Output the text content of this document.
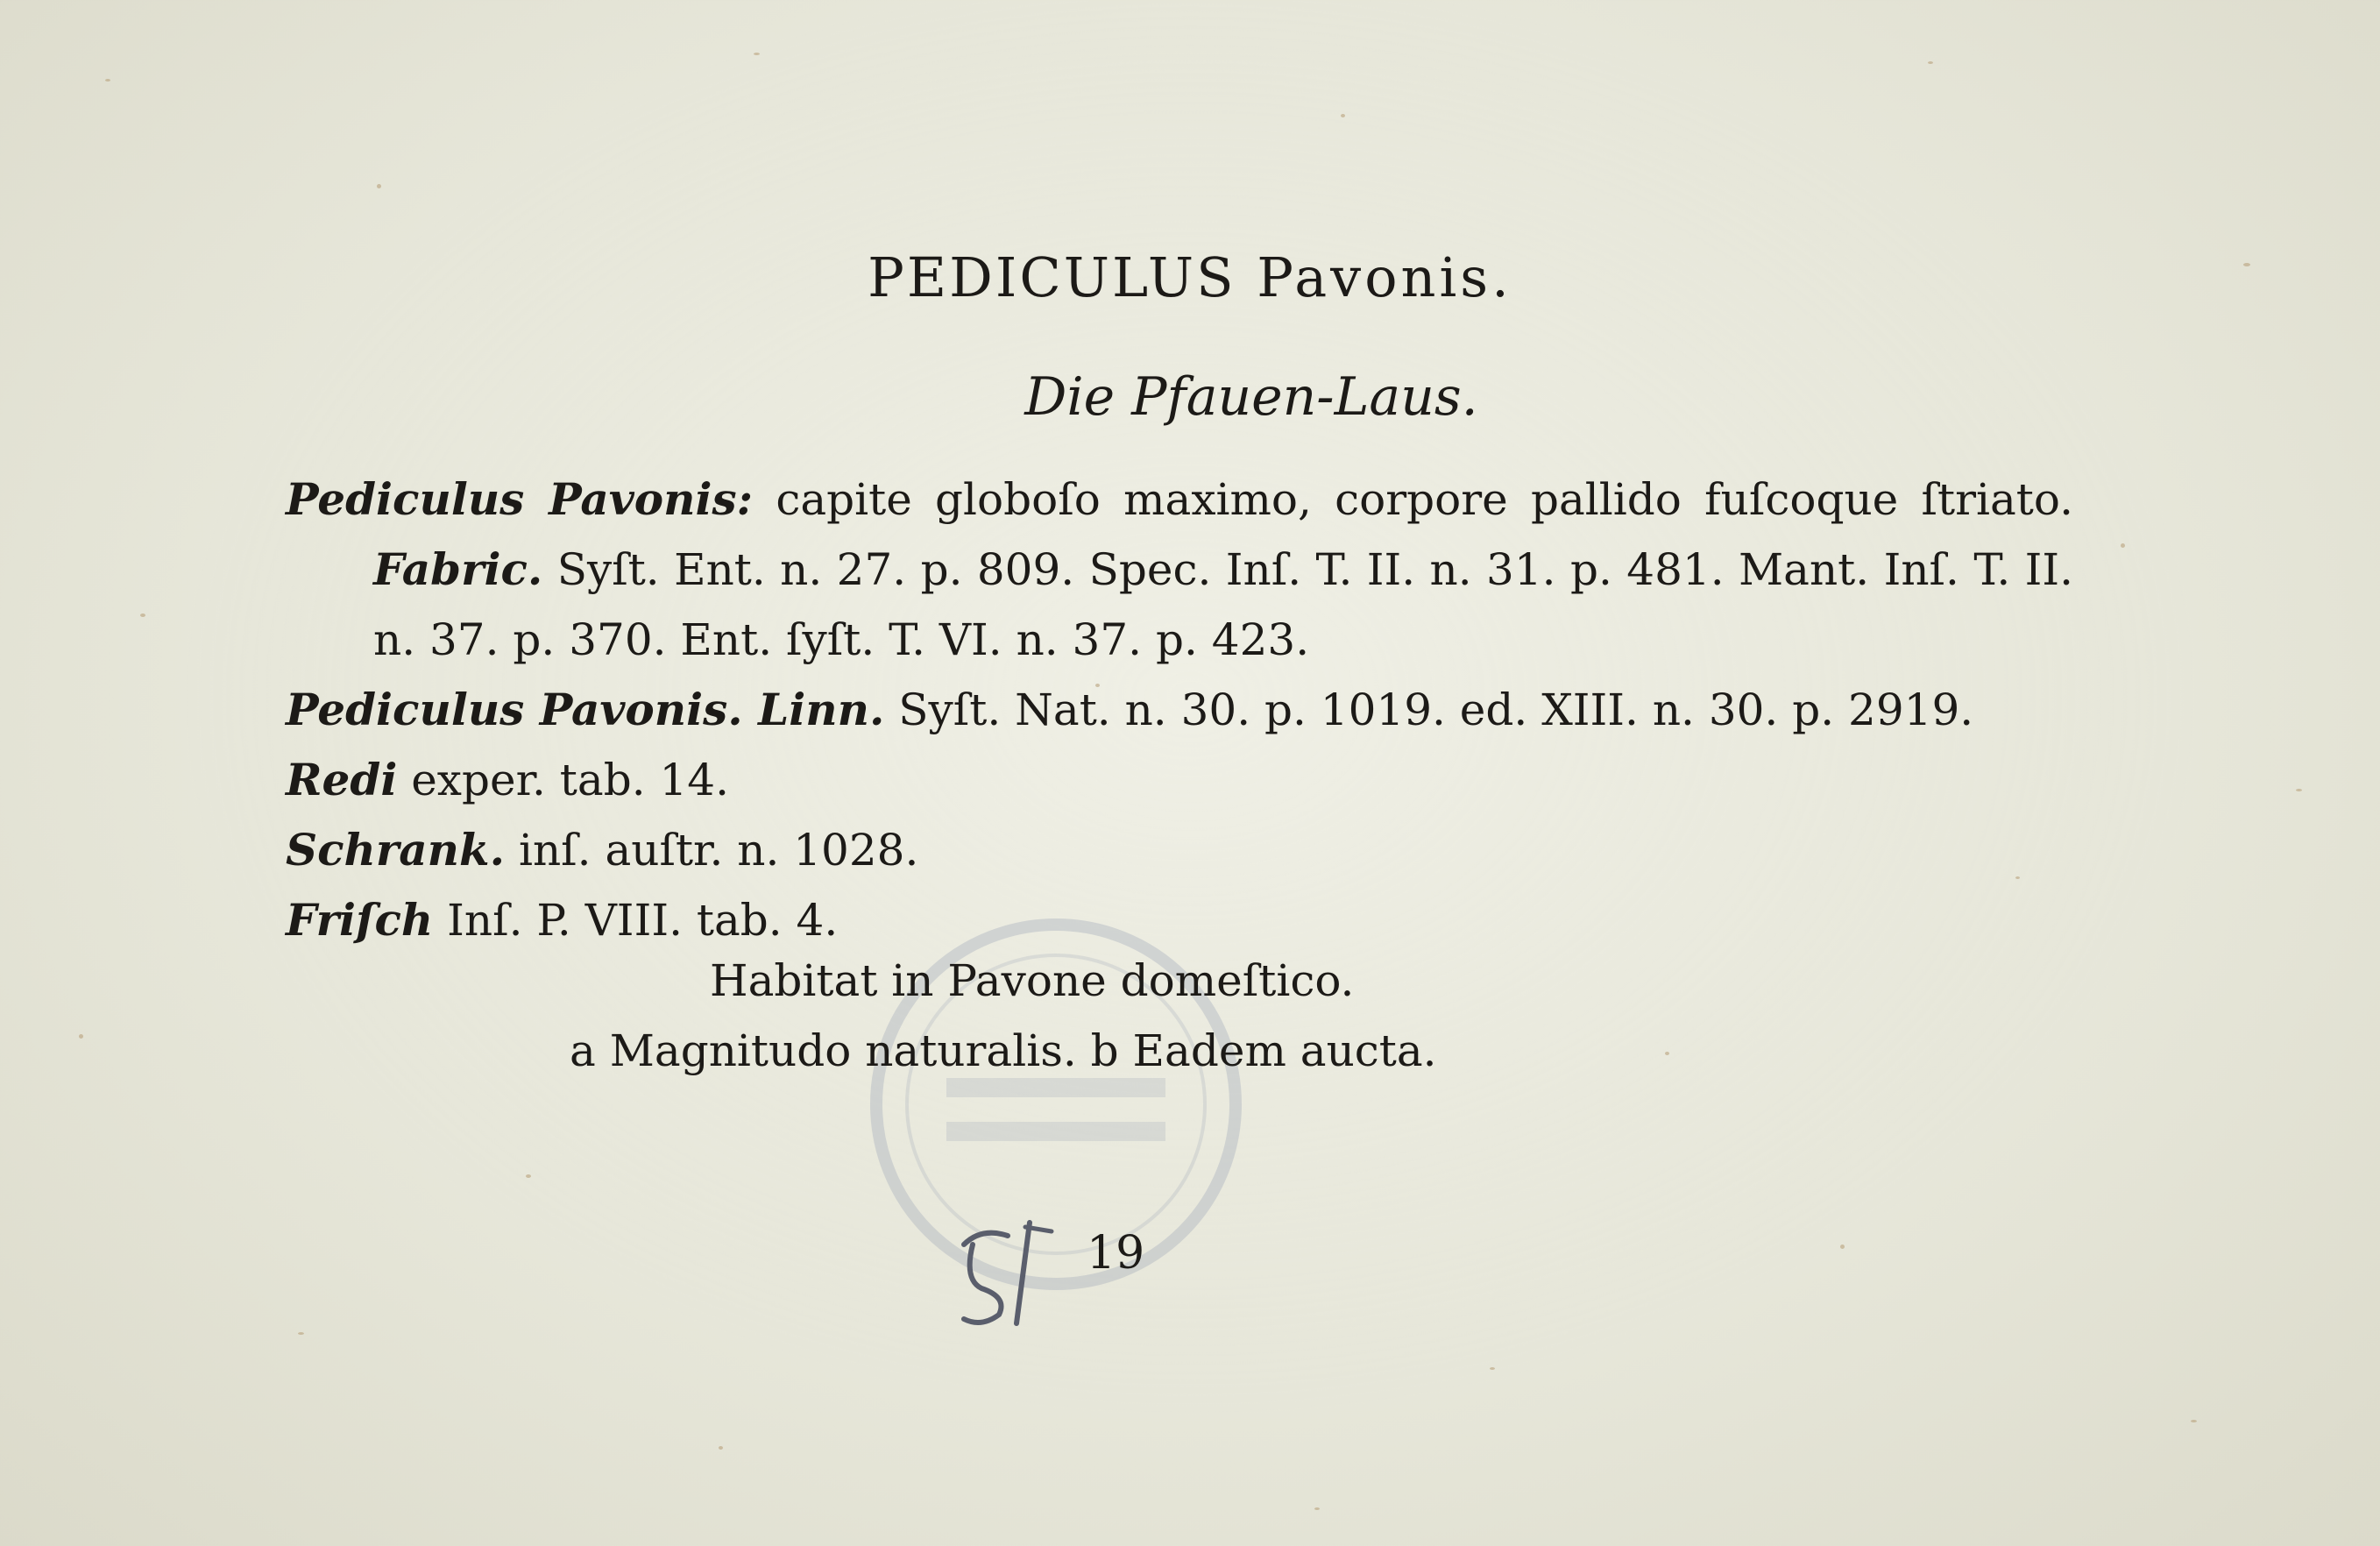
PEDICULUS Pavonis.
Die Pfauen-Laus.
Pediculus Pavonis: capite globoſo maximo, corpore pallido fuſcoque ſtriato. Fabric. Syſt. Ent. n. 27. p. 809. Spec. Inſ. T. II. n. 31. p. 481. Mant. Inſ. T. II. n. 37. p. 370. Ent. ſyſt. T. VI. n. 37. p. 423.
Pediculus Pavonis. Linn. Syſt. Nat. n. 30. p. 1019. ed. XIII. n. 30. p. 2919.
Redi exper. tab. 14.
Schrank. inſ. auſtr. n. 1028.
Friſch Inſ. P. VIII. tab. 4.
Habitat in Pavone domeſtico.
a Magnitudo naturalis. b Eadem aucta.
19
